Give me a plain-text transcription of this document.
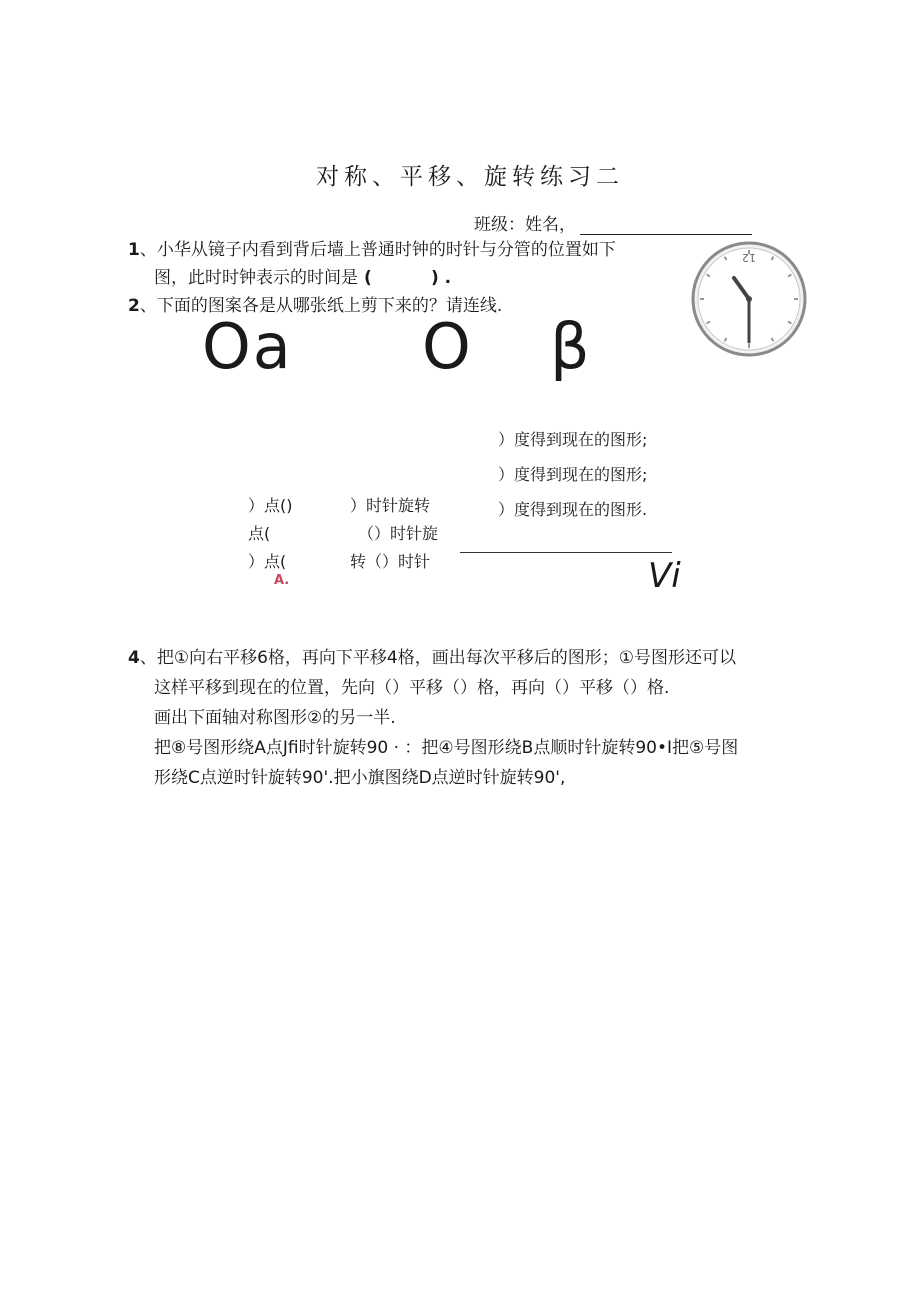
对称、平移、旋转练习二
班级：姓名，
1、小华从镜子内看到背后墙上普通时钟的时针与分管的位置如下
图，此时时钟表示的时间是 (          ) .
12
2、下面的图案各是从哪张纸上剪下来的？请连线.
Oa O β
）度得到现在的图形;
）度得到现在的图形;
）度得到现在的图形.
）点()
点(
）点(
）时针旋转
（）时针旋
转（）时针
A.	Vi
4、把①向右平移6格，再向下平移4格，画出每次平移后的图形；①号图形还可以
这样平移到现在的位置，先向（）平移（）格，再向（）平移（）格.
画出下面轴对称图形②的另一半.
把⑧号图形绕A点Jfi时针旋转90 · ：把④号图形绕B点顺时针旋转90•I把⑤号图
形绕C点逆时针旋转90'.把小旗图绕D点逆时针旋转90',
